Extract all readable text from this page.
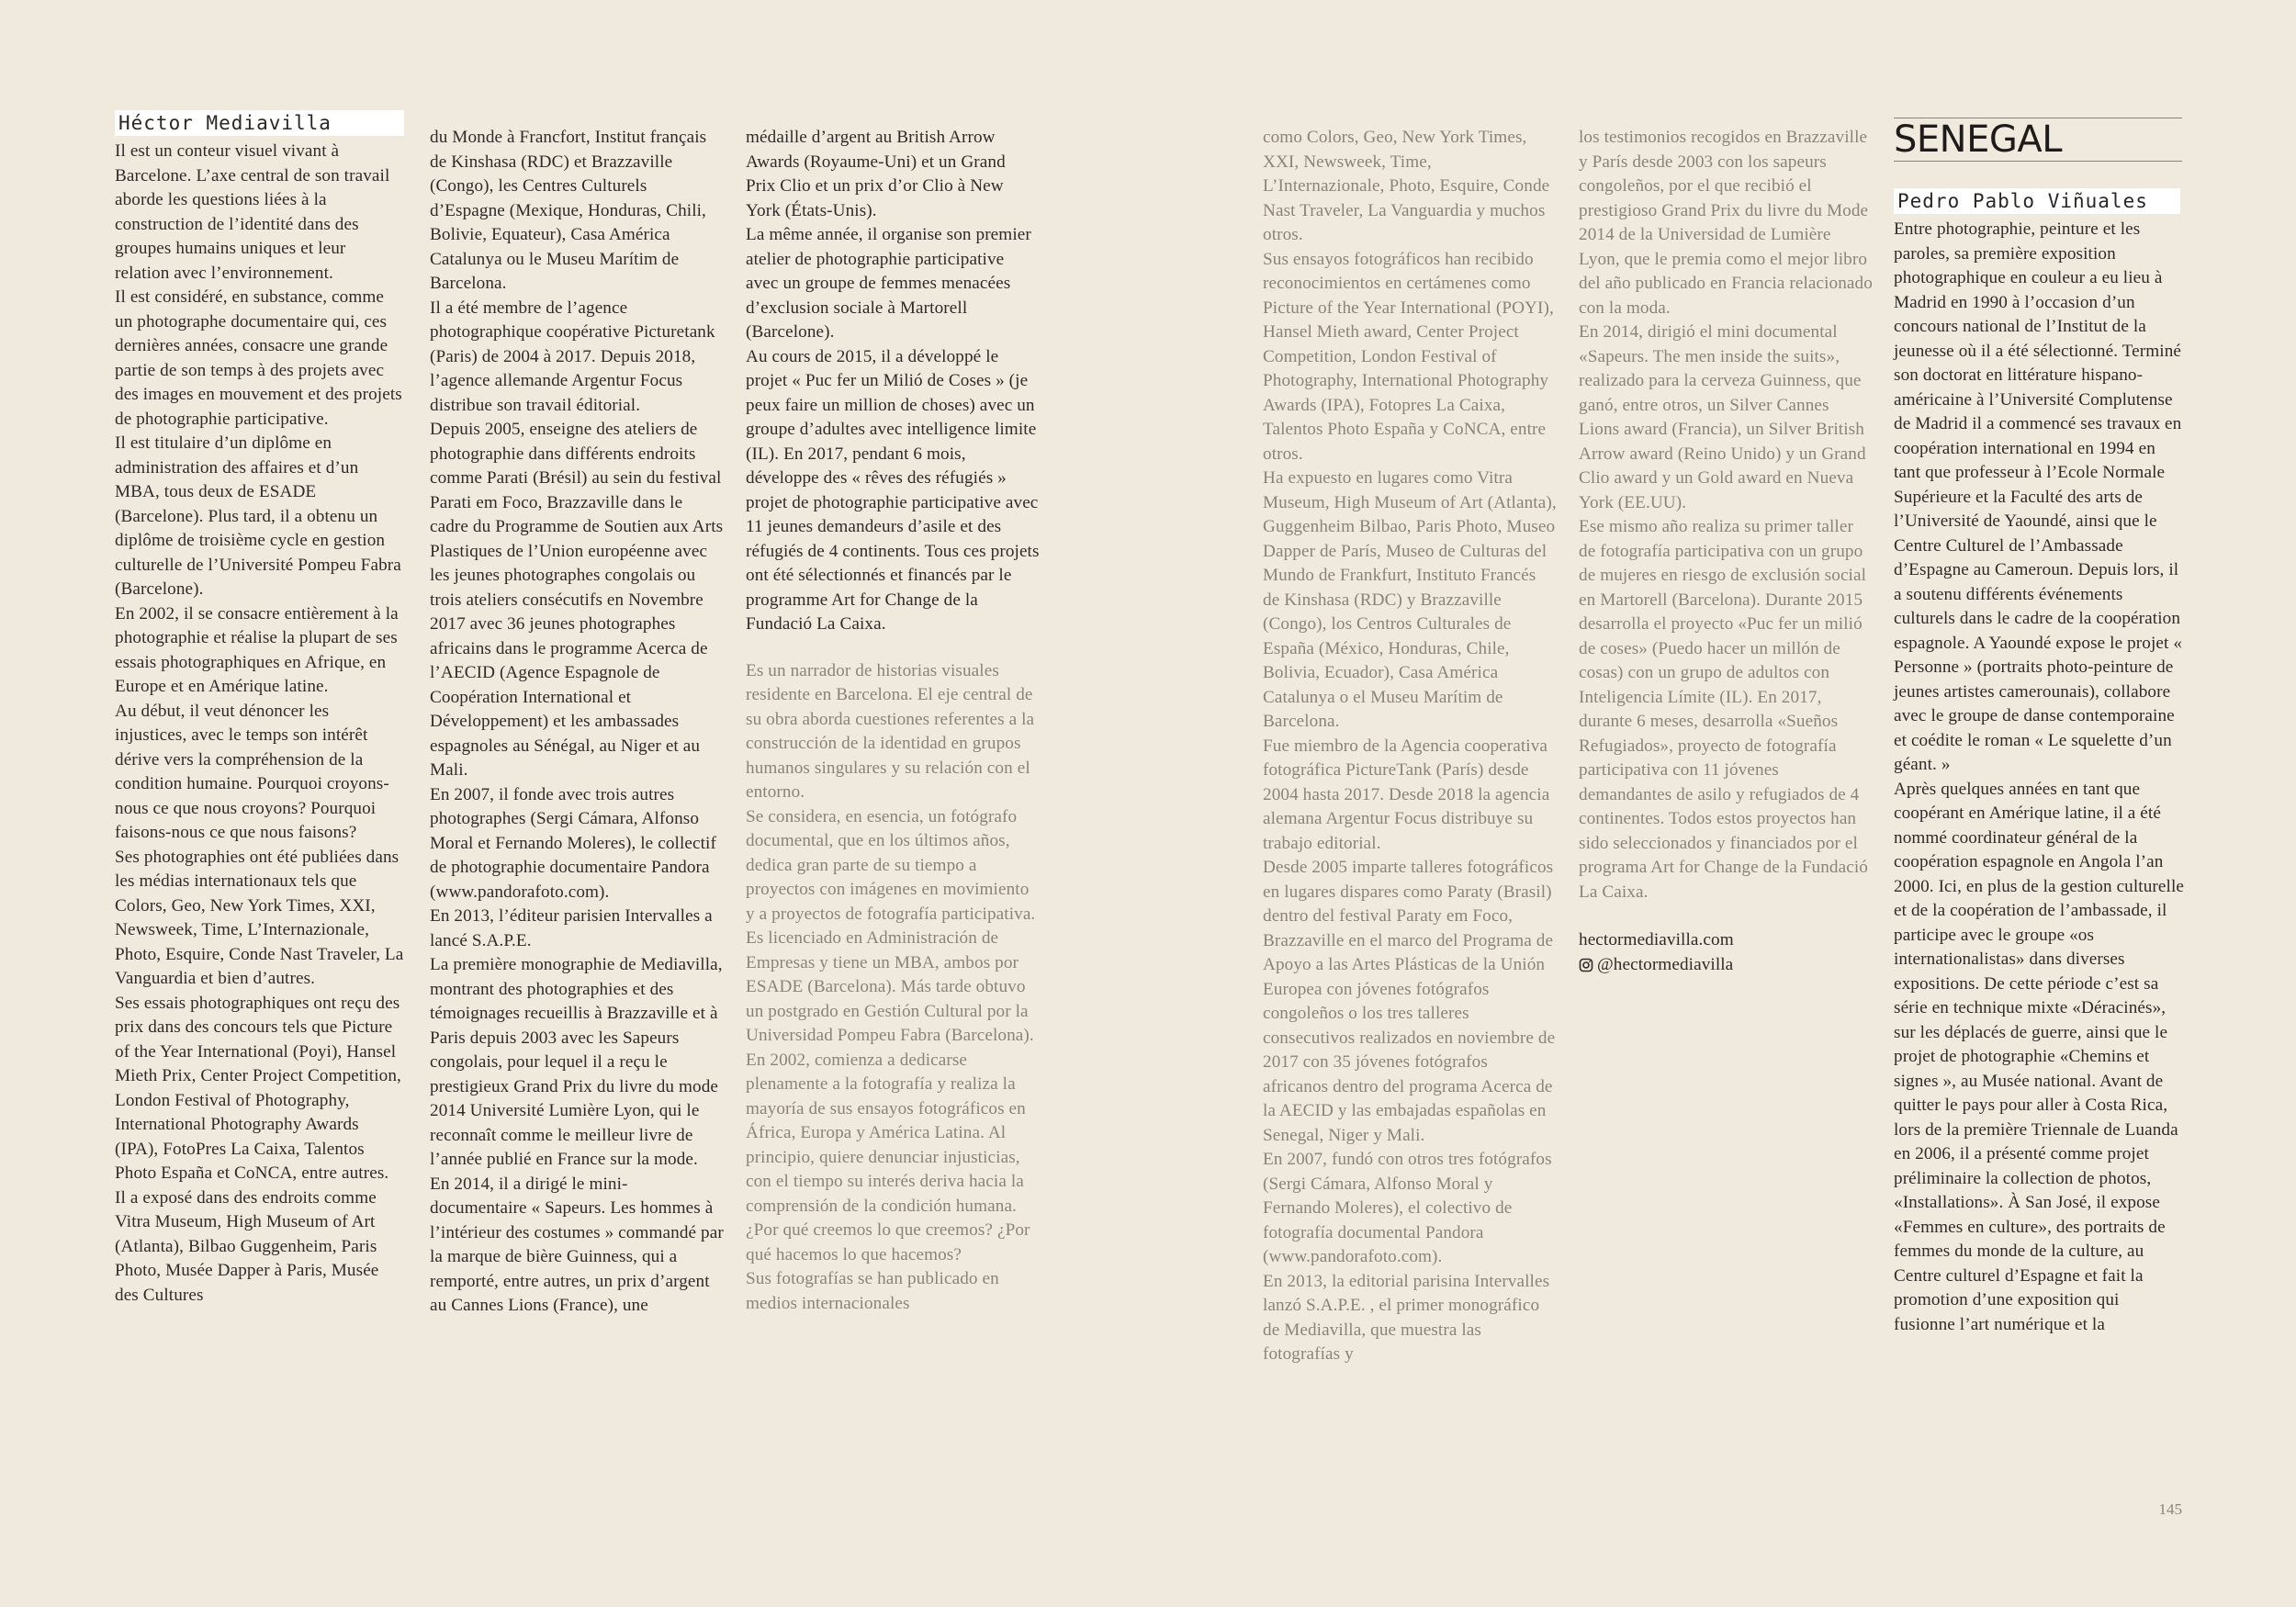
Héctor Mediavilla

Il est un conteur visuel vivant à Barcelone. L’axe central de son travail aborde les questions liées à la construction de l’identité dans des groupes humains uniques et leur relation avec l’environnement.

Il est considéré, en substance, comme un photographe documentaire qui, ces dernières années, consacre une grande partie de son temps à des projets avec des images en mouvement et des projets de photographie participative.

Il est titulaire d’un diplôme en administration des affaires et d’un MBA, tous deux de ESADE (Barcelone). Plus tard, il a obtenu un diplôme de troisième cycle en gestion culturelle de l’Université Pompeu Fabra (Barcelone).

En 2002, il se consacre entièrement à la photographie et réalise la plupart de ses essais photographiques en Afrique, en Europe et en Amérique latine.

Au début, il veut dénoncer les injustices, avec le temps son intérêt dérive vers la compréhension de la condition humaine. Pourquoi croyons-nous ce que nous croyons? Pourquoi faisons-nous ce que nous faisons?

Ses photographies ont été publiées dans les médias internationaux tels que Colors, Geo, New York Times, XXI, Newsweek, Time, L’Internazionale, Photo, Esquire, Conde Nast Traveler, La Vanguardia et bien d’autres.

Ses essais photographiques ont reçu des prix dans des concours tels que Picture of the Year International (Poyi), Hansel Mieth Prix, Center Project Competition, London Festival of Photography, International Photography Awards (IPA), FotoPres La Caixa, Talentos Photo España et CoNCA, entre autres.

Il a exposé dans des endroits comme Vitra Museum, High Museum of Art (Atlanta), Bilbao Guggenheim, Paris Photo, Musée Dapper à Paris, Musée des Cultures

du Monde à Francfort, Institut français de Kinshasa (RDC) et Brazzaville (Congo), les Centres Culturels d’Espagne (Mexique, Honduras, Chili, Bolivie, Equateur), Casa América Catalunya ou le Museu Marítim de Barcelona.

Il a été membre de l’agence photographique coopérative Picturetank (Paris) de 2004 à 2017. Depuis 2018, l’agence allemande Argentur Focus distribue son travail éditorial.

Depuis 2005, enseigne des ateliers de photographie dans différents endroits comme Parati (Brésil) au sein du festival Parati em Foco, Brazzaville dans le cadre du Programme de Soutien aux Arts Plastiques de l’Union européenne avec les jeunes photographes congolais ou trois ateliers consécutifs en Novembre 2017 avec 36 jeunes photographes africains dans le programme Acerca de l’AECID (Agence Espagnole de Coopération International et Développement) et les ambassades espagnoles au Sénégal, au Niger et au Mali.

En 2007, il fonde avec trois autres photographes (Sergi Cámara, Alfonso Moral et Fernando Moleres), le collectif de photographie documentaire Pandora (www.pandorafoto.com).

En 2013, l’éditeur parisien Intervalles a lancé S.A.P.E.

La première monographie de Mediavilla, montrant des photographies et des témoignages recueillis à Brazzaville et à Paris depuis 2003 avec les Sapeurs congolais, pour lequel il a reçu le prestigieux Grand Prix du livre du mode 2014 Université Lumière Lyon, qui le reconnaît comme le meilleur livre de l’année publié en France sur la mode.

En 2014, il a dirigé le mini-documentaire « Sapeurs. Les hommes à l’intérieur des costumes » commandé par la marque de bière Guinness, qui a remporté, entre autres, un prix d’argent au Cannes Lions (France), une

médaille d’argent au British Arrow Awards (Royaume-Uni) et un Grand Prix Clio et un prix d’or Clio à New York (États-Unis).

La même année, il organise son premier atelier de photographie participative avec un groupe de femmes menacées d’exclusion sociale à Martorell (Barcelone).

Au cours de 2015, il a développé le projet « Puc fer un Milió de Coses » (je peux faire un million de choses) avec un groupe d’adultes avec intelligence limite (IL). En 2017, pendant 6 mois, développe des « rêves des réfugiés » projet de photographie participative avec 11 jeunes demandeurs d’asile et des réfugiés de 4 continents. Tous ces projets ont été sélectionnés et financés par le programme Art for Change de la Fundació La Caixa.

Es un narrador de historias visuales residente en Barcelona. El eje central de su obra aborda cuestiones referentes a la construcción de la identidad en grupos humanos singulares y su relación con el entorno.

Se considera, en esencia, un fotógrafo documental, que en los últimos años, dedica gran parte de su tiempo a proyectos con imágenes en movimiento y a proyectos de fotografía participativa.

Es licenciado en Administración de Empresas y tiene un MBA, ambos por ESADE (Barcelona). Más tarde obtuvo un postgrado en Gestión Cultural por la Universidad Pompeu Fabra (Barcelona).

En 2002, comienza a dedicarse plenamente a la fotografía y realiza la mayoría de sus ensayos fotográficos en África, Europa y América Latina. Al principio, quiere denunciar injusticias, con el tiempo su interés deriva hacia la comprensión de la condición humana. ¿Por qué creemos lo que creemos? ¿Por qué hacemos lo que hacemos?

Sus fotografías se han publicado en medios internacionales

como Colors, Geo, New York Times, XXI, Newsweek, Time, L’Internazionale, Photo, Esquire, Conde Nast Traveler, La Vanguardia y muchos otros.

Sus ensayos fotográficos han recibido reconocimientos en certámenes como Picture of the Year International (POYI), Hansel Mieth award, Center Project Competition, London Festival of Photography, International Photography Awards (IPA), Fotopres La Caixa, Talentos Photo España y CoNCA, entre otros.

Ha expuesto en lugares como Vitra Museum, High Museum of Art (Atlanta), Guggenheim Bilbao, Paris Photo, Museo Dapper de París, Museo de Culturas del Mundo de Frankfurt, Instituto Francés de Kinshasa (RDC) y Brazzaville (Congo), los Centros Culturales de España (México, Honduras, Chile, Bolivia, Ecuador), Casa América Catalunya o el Museu Marítim de Barcelona.

Fue miembro de la Agencia cooperativa fotográfica PictureTank (París) desde 2004 hasta 2017. Desde 2018 la agencia alemana Argentur Focus distribuye su trabajo editorial.

Desde 2005 imparte talleres fotográficos en lugares dispares como Paraty (Brasil) dentro del festival Paraty em Foco, Brazzaville en el marco del Programa de Apoyo a las Artes Plásticas de la Unión Europea con jóvenes fotógrafos congoleños o los tres talleres consecutivos realizados en noviembre de 2017 con 35 jóvenes fotógrafos africanos dentro del programa Acerca de la AECID y las embajadas españolas en Senegal, Niger y Mali.

En 2007, fundó con otros tres fotógrafos (Sergi Cámara, Alfonso Moral y Fernando Moleres), el colectivo de fotografía documental Pandora (www.pandorafoto.com).

En 2013, la editorial parisina Intervalles lanzó S.A.P.E. , el primer monográfico de Mediavilla, que muestra las fotografías y

los testimonios recogidos en Brazzaville y París desde 2003 con los sapeurs congoleños, por el que recibió el prestigioso Grand Prix du livre du Mode 2014 de la Universidad de Lumière Lyon, que le premia como el mejor libro del año publicado en Francia relacionado con la moda.

En 2014, dirigió el mini documental «Sapeurs. The men inside the suits», realizado para la cerveza Guinness, que ganó, entre otros, un Silver Cannes Lions award (Francia), un Silver British Arrow award (Reino Unido) y un Grand Clio award y un Gold award en Nueva York (EE.UU).

Ese mismo año realiza su primer taller de fotografía participativa con un grupo de mujeres en riesgo de exclusión social en Martorell (Barcelona). Durante 2015 desarrolla el proyecto «Puc fer un milió de coses» (Puedo hacer un millón de cosas) con un grupo de adultos con Inteligencia Límite (IL). En 2017, durante 6 meses, desarrolla «Sueños Refugiados», proyecto de fotografía participativa con 11 jóvenes demandantes de asilo y refugiados de 4 continentes. Todos estos proyectos han sido seleccionados y financiados por el programa Art for Change de la Fundació La Caixa.

hectormediavilla.com

@hectormediavilla
SENEGAL
Pedro Pablo Viñuales

Entre photographie, peinture et les paroles, sa première exposition photographique en couleur a eu lieu à Madrid en 1990 à l’occasion d’un concours national de l’Institut de la jeunesse où il a été sélectionné. Terminé son doctorat en littérature hispano-américaine à l’Université Complutense de Madrid il a commencé ses travaux en coopération international en 1994 en tant que professeur à l’Ecole Normale Supérieure et la Faculté des arts de l’Université de Yaoundé, ainsi que le Centre Culturel de l’Ambassade d’Espagne au Cameroun. Depuis lors, il a soutenu différents événements culturels dans le cadre de la coopération espagnole. A Yaoundé expose le projet « Personne » (portraits photo-peinture de jeunes artistes camerounais), collabore avec le groupe de danse contemporaine et coédite le roman « Le squelette d’un géant. »

Après quelques années en tant que coopérant en Amérique latine, il a été nommé coordinateur général de la coopération espagnole en Angola l’an 2000. Ici, en plus de la gestion culturelle et de la coopération de l’ambassade, il participe avec le groupe «os internationalistas» dans diverses expositions. De cette période c’est sa série en technique mixte «Déracinés», sur les déplacés de guerre, ainsi que le projet de photographie «Chemins et signes », au Musée national. Avant de quitter le pays pour aller à Costa Rica, lors de la première Triennale de Luanda en 2006, il a présenté comme projet préliminaire la collection de photos, «Installations». À San José, il expose «Femmes en culture», des portraits de femmes du monde de la culture, au Centre culturel d’Espagne et fait la promotion d’une exposition qui fusionne l’art numérique et la

145
